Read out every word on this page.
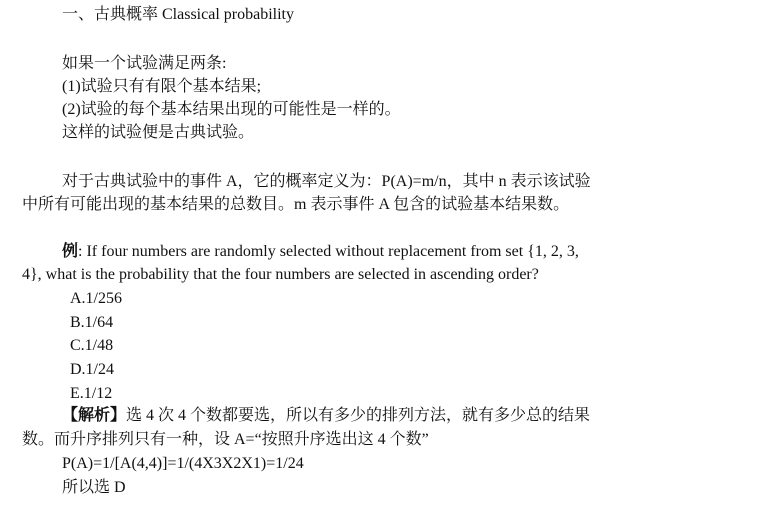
一、古典概率 Classical probability
如果一个试验满足两条:
(1)试验只有有限个基本结果;
(2)试验的每个基本结果出现的可能性是一样的。
这样的试验便是古典试验。
对于古典试验中的事件 A，它的概率定义为：P(A)=m/n，其中 n 表示该试验
中所有可能出现的基本结果的总数目。m 表示事件 A 包含的试验基本结果数。
例: If four numbers are randomly selected without replacement from set {1, 2, 3,
4}, what is the probability that the four numbers are selected in ascending order?
A.1/256
B.1/64
C.1/48
D.1/24
E.1/12
【解析】选 4 次 4 个数都要选，所以有多少的排列方法，就有多少总的结果
数。而升序排列只有一种，设 A=“按照升序选出这 4 个数”
P(A)=1/[A(4,4)]=1/(4X3X2X1)=1/24
所以选 D
